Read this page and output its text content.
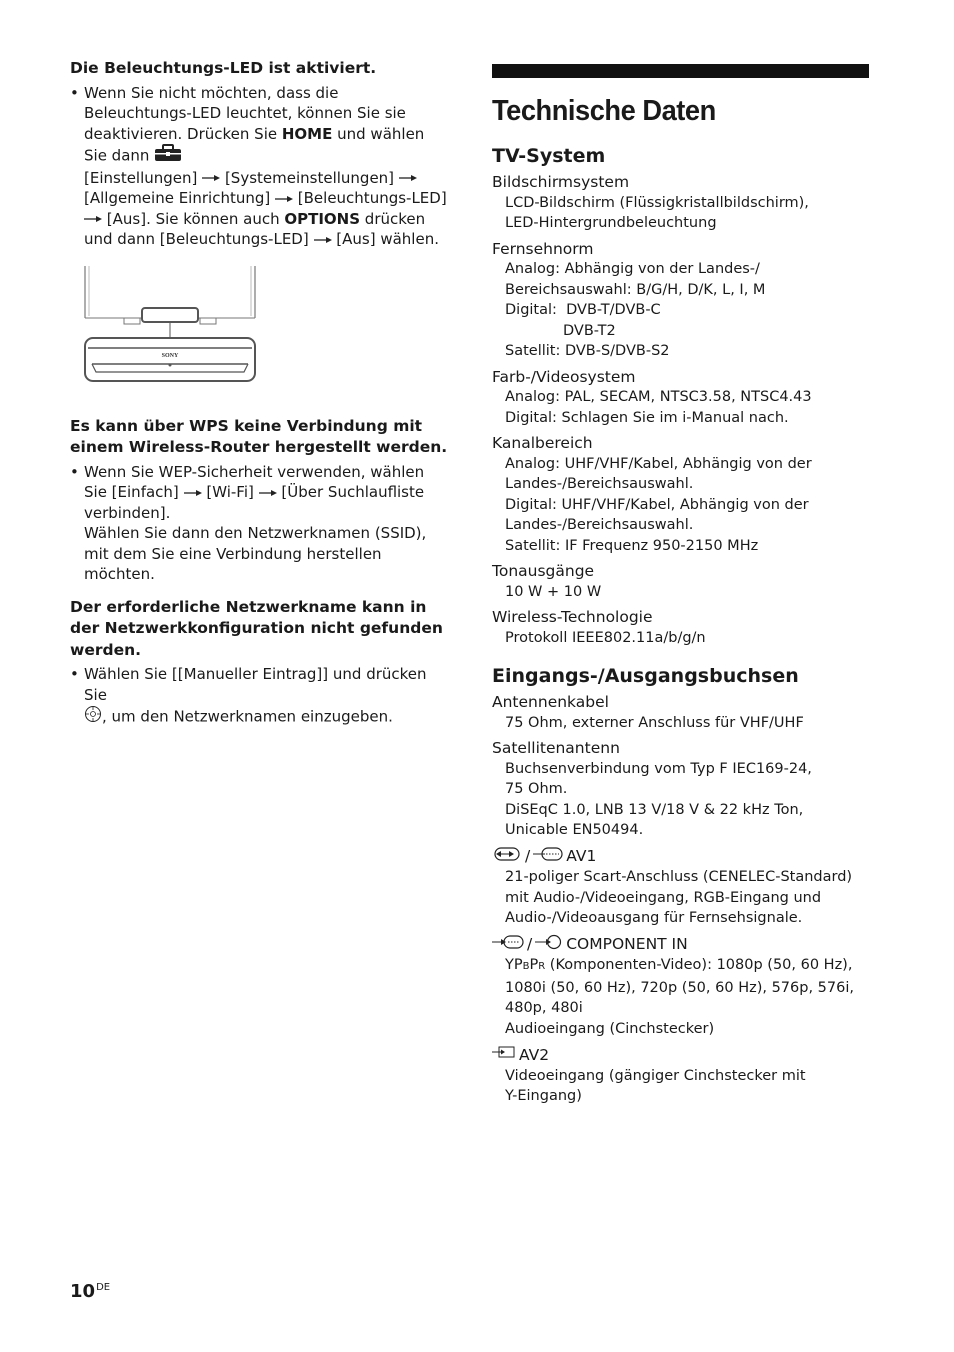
Die Beleuchtungs-LED ist aktiviert.

• Wenn Sie nicht möchten, dass die Beleuchtungs-LED leuchtet, können Sie sie deaktivieren. Drücken Sie HOME und wählen Sie dann
[Einstellungen] [Systemeinstellungen]

[Allgemeine Einrichtung] [Beleuchtungs-LED]

[Aus]. Sie können auch OPTIONS drücken und dann [Beleuchtungs-LED] [Aus] wählen.
SONY

Es kann über WPS keine Verbindung mit einem Wireless-Router hergestellt werden.

• Wenn Sie WEP-Sicherheit verwenden, wählen Sie [Einfach] [Wi-Fi] [Über Suchlaufliste verbinden].
Wählen Sie dann den Netzwerknamen (SSID), mit dem Sie eine Verbindung herstellen möchten.

Der erforderliche Netzwerkname kann in der Netzwerkkonfiguration nicht gefunden werden.

• Wählen Sie [[Manueller Eintrag]] und drücken Sie
, um den Netzwerknamen einzugeben.

Technische Daten

TV-System

Bildschirmsystem

LCD-Bildschirm (Flüssigkristallbildschirm),

LED-Hintergrundbeleuchtung

Fernsehnorm

Analog: Abhängig von der Landes-/

Bereichsauswahl: B/G/H, D/K, L, I, M

Digital:  DVB-T/DVB-C

DVB-T2

Satellit: DVB-S/DVB-S2

Farb-/Videosystem

Analog: PAL, SECAM, NTSC3.58, NTSC4.43

Digital: Schlagen Sie im i-Manual nach.

Kanalbereich

Analog: UHF/VHF/Kabel, Abhängig von der

Landes-/Bereichsauswahl.

Digital: UHF/VHF/Kabel, Abhängig von der

Landes-/Bereichsauswahl.

Satellit: IF Frequenz 950-2150 MHz

Tonausgänge

10 W + 10 W

Wireless-Technologie

Protokoll IEEE802.11a/b/g/n

Eingangs-/Ausgangsbuchsen

Antennenkabel

75 Ohm, externer Anschluss für VHF/UHF

Satellitenantenn

Buchsenverbindung vom Typ F IEC169-24,

75 Ohm.

DiSEqC 1.0, LNB 13 V/18 V & 22 kHz Ton,

Unicable EN50494.

/ AV1

21-poliger Scart-Anschluss (CENELEC-Standard)

mit Audio-/Videoeingang, RGB-Eingang und

Audio-/Videoausgang für Fernsehsignale.

/ COMPONENT IN

YPBPR (Komponenten-Video): 1080p (50, 60 Hz),

1080i (50, 60 Hz), 720p (50, 60 Hz), 576p, 576i,

480p, 480i

Audioeingang (Cinchstecker)

AV2

Videoeingang (gängiger Cinchstecker mit

Y-Eingang)

10DE
